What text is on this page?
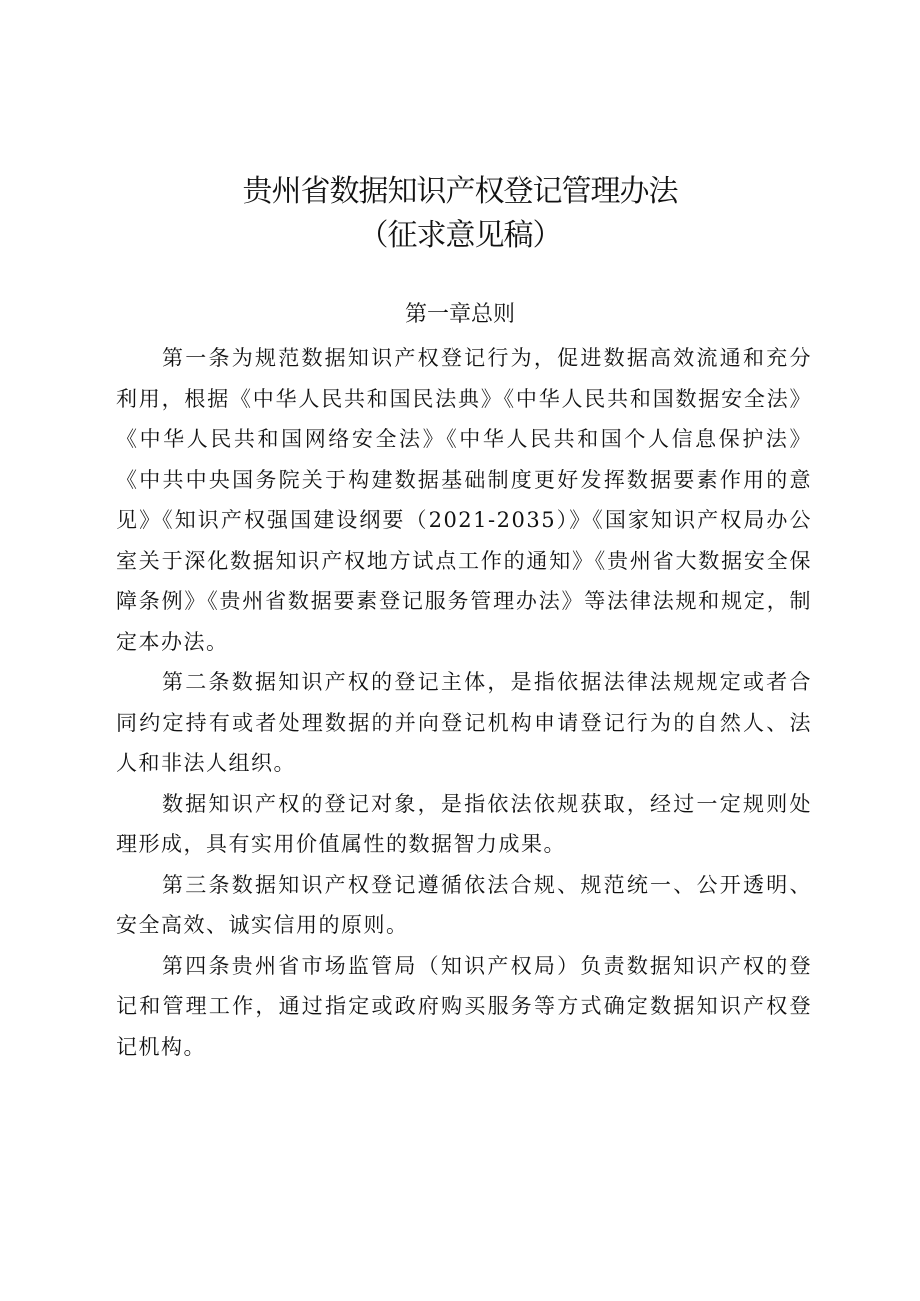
贵州省数据知识产权登记管理办法
（征求意见稿）
第一章总则

第一条为规范数据知识产权登记行为，促进数据高效流通和充分利用，根据《中华人民共和国民法典》《中华人民共和国数据安全法》《中华人民共和国网络安全法》《中华人民共和国个人信息保护法》《中共中央国务院关于构建数据基础制度更好发挥数据要素作用的意见》《知识产权强国建设纲要（2021-2035）》《国家知识产权局办公室关于深化数据知识产权地方试点工作的通知》《贵州省大数据安全保障条例》《贵州省数据要素登记服务管理办法》等法律法规和规定，制定本办法。

第二条数据知识产权的登记主体，是指依据法律法规规定或者合同约定持有或者处理数据的并向登记机构申请登记行为的自然人、法人和非法人组织。

数据知识产权的登记对象，是指依法依规获取，经过一定规则处理形成，具有实用价值属性的数据智力成果。

第三条数据知识产权登记遵循依法合规、规范统一、公开透明、安全高效、诚实信用的原则。

第四条贵州省市场监管局（知识产权局）负责数据知识产权的登记和管理工作，通过指定或政府购买服务等方式确定数据知识产权登记机构。
